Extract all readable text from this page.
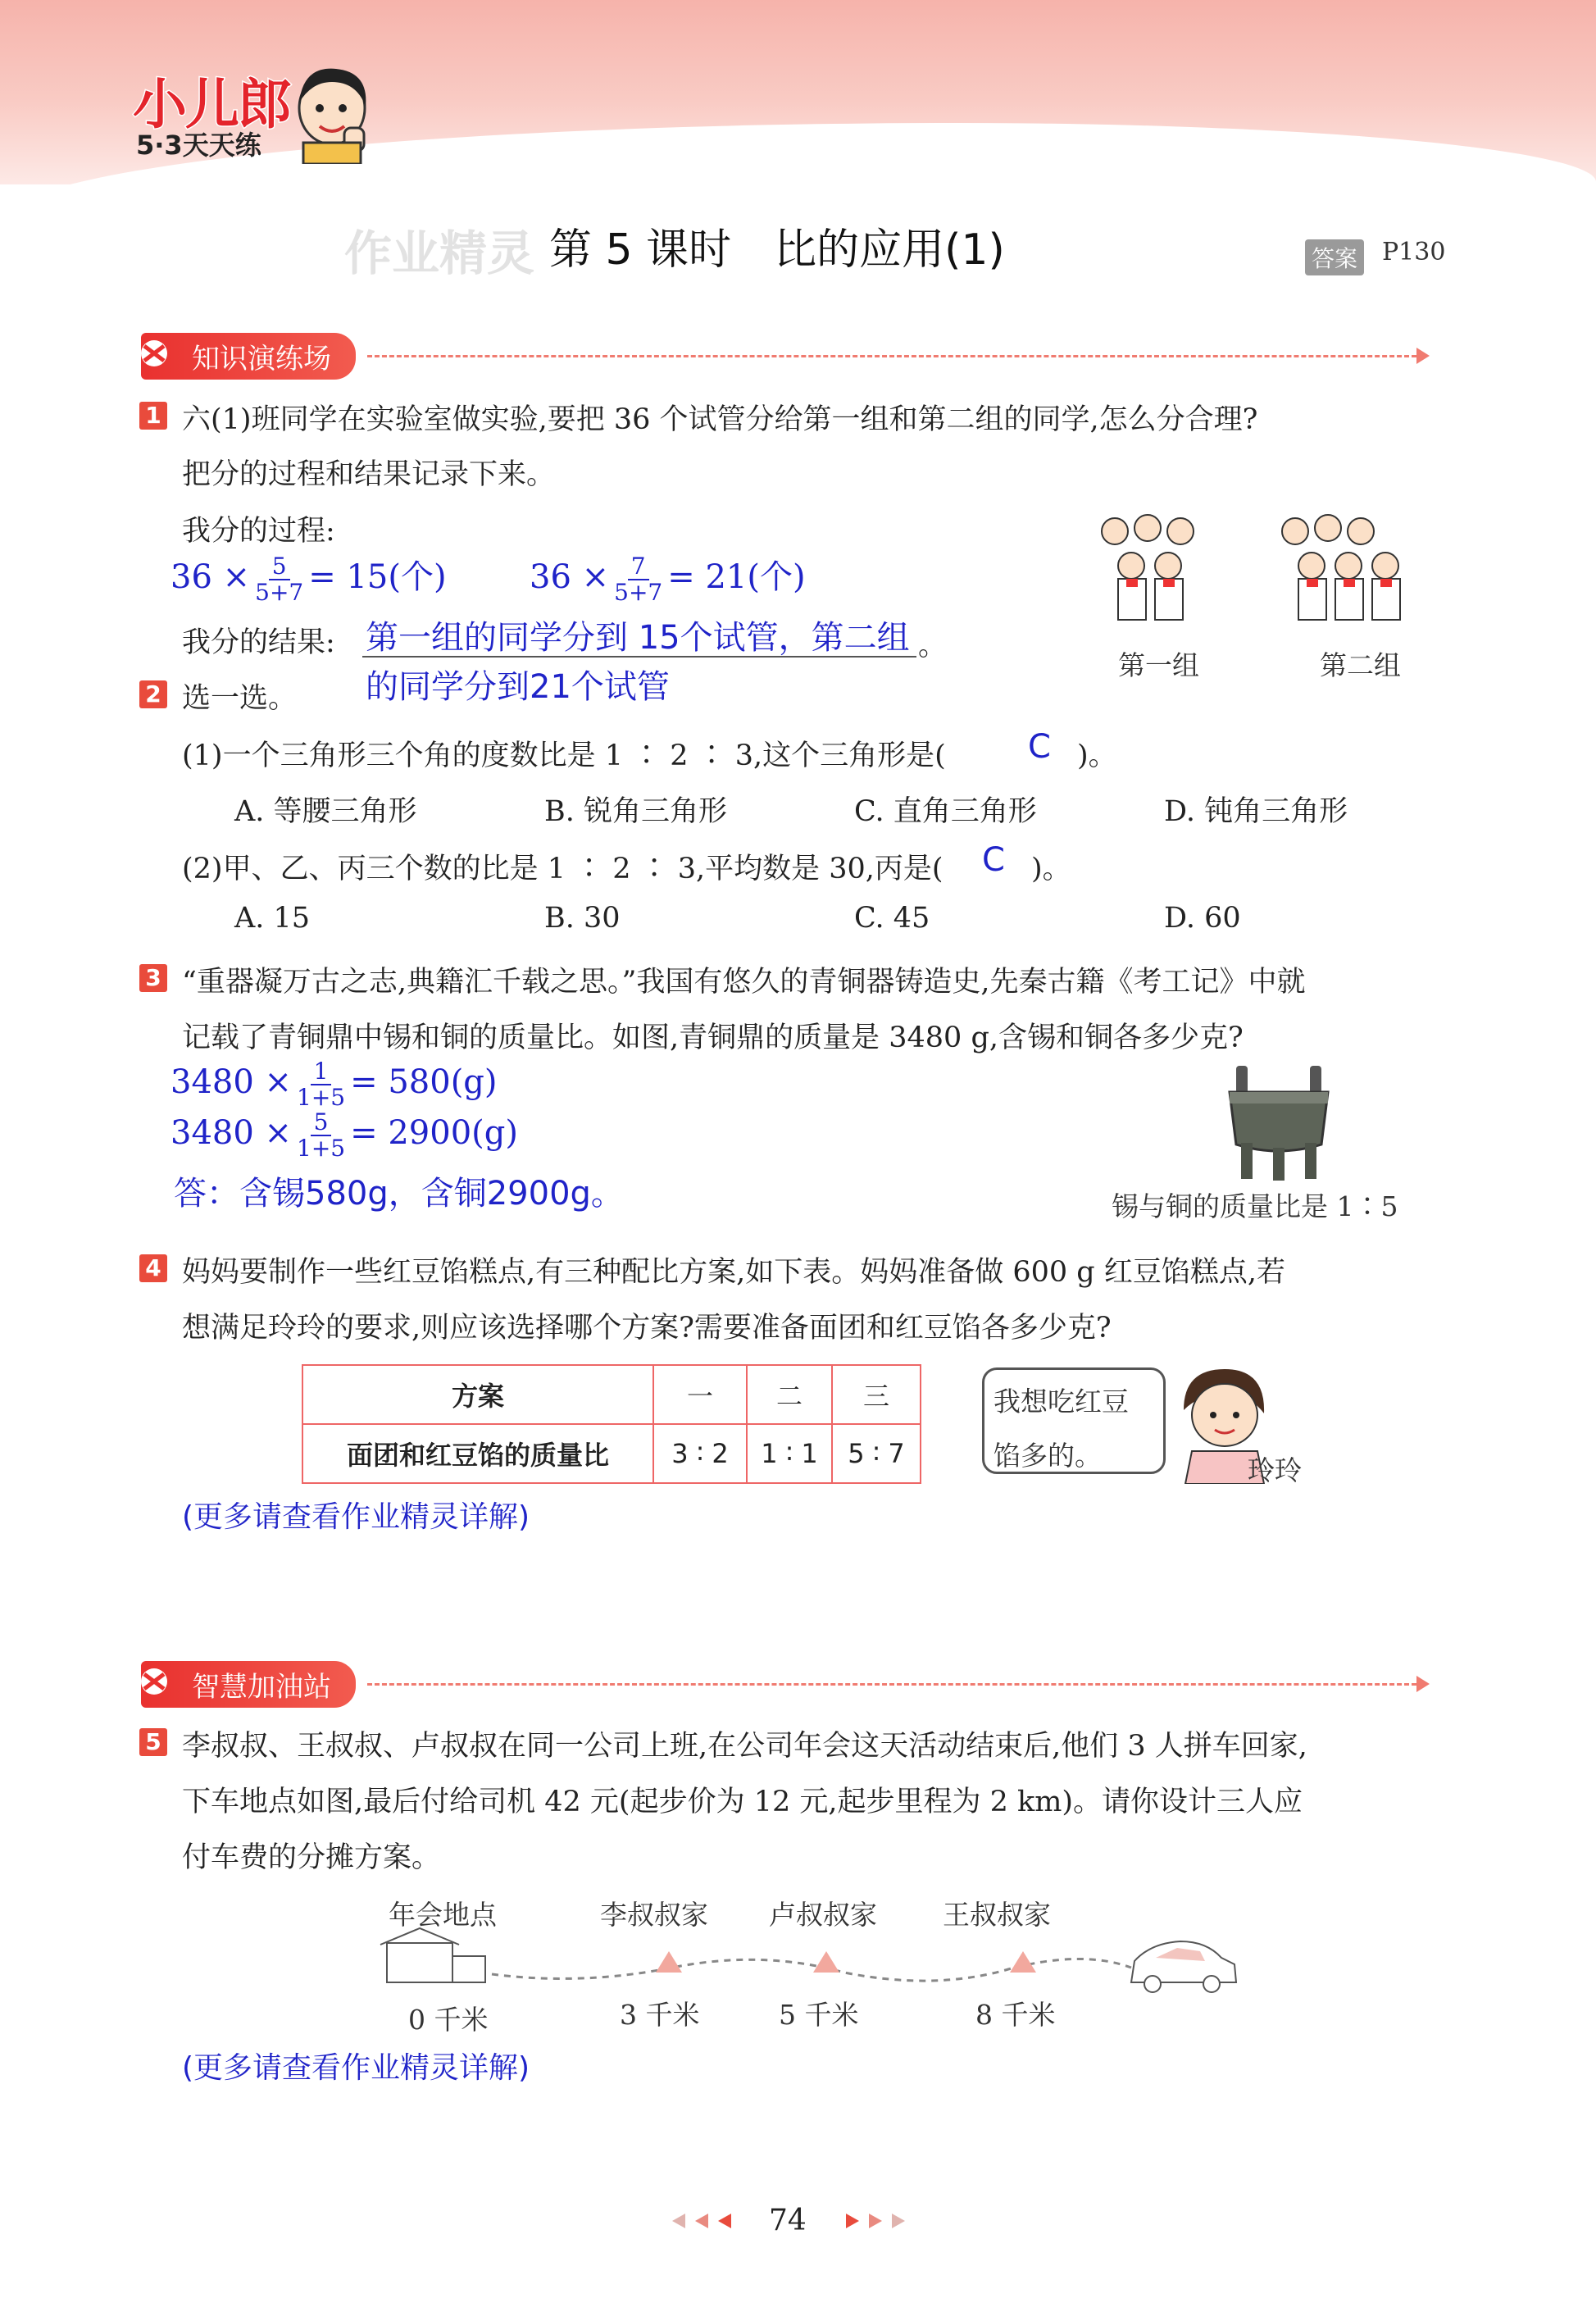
小儿郎
5·3天天练
作业精灵 第 5 课时　比的应用(1)	答案 P130
知识演练场
1 六(1)班同学在实验室做实验,要把 36 个试管分给第一组和第二组的同学,怎么分合理?
把分的过程和结果记录下来。
我分的过程:
$36 \times \frac{5}{5+7} = 15$(个)	$36 \times \frac{7}{5+7} = 21$(个)
我分的结果: 第一组的同学分到 15个试管，第二组 。
的同学分到21个试管
第一组	第二组
2 选一选。
(1)一个三角形三个角的度数比是 1 ∶ 2 ∶ 3,这个三角形是(	C )。
A. 等腰三角形	B. 锐角三角形	C. 直角三角形	D. 钝角三角形
(2)甲、乙、丙三个数的比是 1 ∶ 2 ∶ 3,平均数是 30,丙是( C )。
A. 15	B. 30	C. 45	D. 60
3 “重器凝万古之志,典籍汇千载之思。”我国有悠久的青铜器铸造史,先秦古籍《考工记》中就
记载了青铜鼎中锡和铜的质量比。如图,青铜鼎的质量是 3480 g,含锡和铜各多少克?
$3480 \times \frac{1}{1+5} = 580(g)$
$3480 \times \frac{5}{1+5} = 2900(g)$
答：含锡580g，含铜2900g。	锡与铜的质量比是 1∶5
4 妈妈要制作一些红豆馅糕点,有三种配比方案,如下表。妈妈准备做 600 g 红豆馅糕点,若
想满足玲玲的要求,则应该选择哪个方案?需要准备面团和红豆馅各多少克?
方案	一	二	三
面团和红豆馅的质量比	3 ∶ 2	1 ∶ 1	5 ∶ 7
我想吃红豆
馅多的。	玲玲
(更多请查看作业精灵详解)
智慧加油站
5 李叔叔、王叔叔、卢叔叔在同一公司上班,在公司年会这天活动结束后,他们 3 人拼车回家,
下车地点如图,最后付给司机 42 元(起步价为 12 元,起步里程为 2 km)。请你设计三人应
付车费的分摊方案。
年会地点	李叔叔家 卢叔叔家 王叔叔家
0 千米	3 千米	5 千米	8 千米
(更多请查看作业精灵详解)
74
